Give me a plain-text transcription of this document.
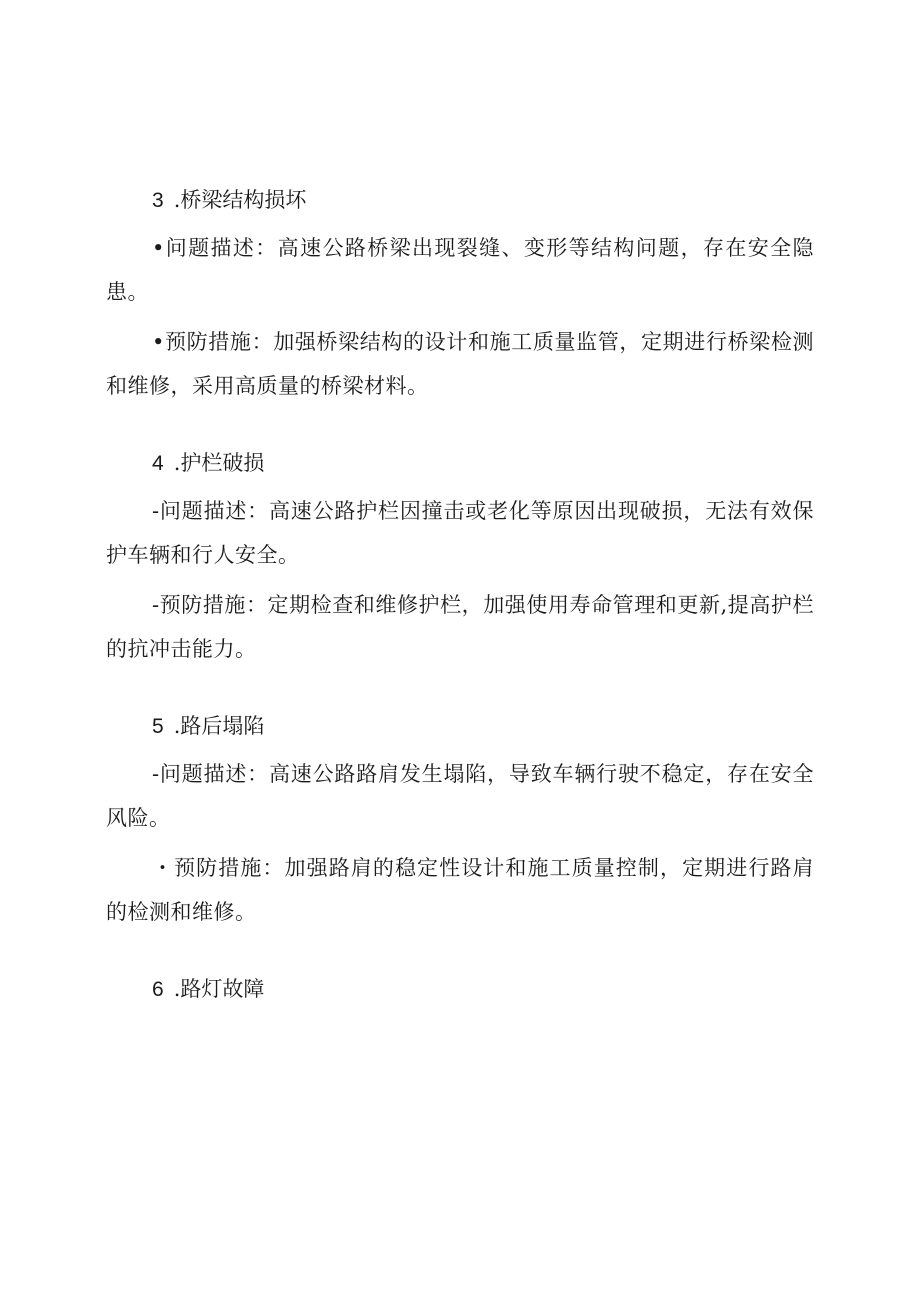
3 .桥梁结构损坏

•问题描述：高速公路桥梁出现裂缝、变形等结构问题，存在安全隐患。

•预防措施：加强桥梁结构的设计和施工质量监管，定期进行桥梁检测和维修，采用高质量的桥梁材料。

4 .护栏破损

-问题描述：高速公路护栏因撞击或老化等原因出现破损，无法有效保护车辆和行人安全。

-预防措施：定期检查和维修护栏，加强使用寿命管理和更新,提高护栏的抗冲击能力。

5 .路后塌陷

-问题描述：高速公路路肩发生塌陷，导致车辆行驶不稳定，存在安全风险。

・预防措施：加强路肩的稳定性设计和施工质量控制，定期进行路肩的检测和维修。

6 .路灯故障
